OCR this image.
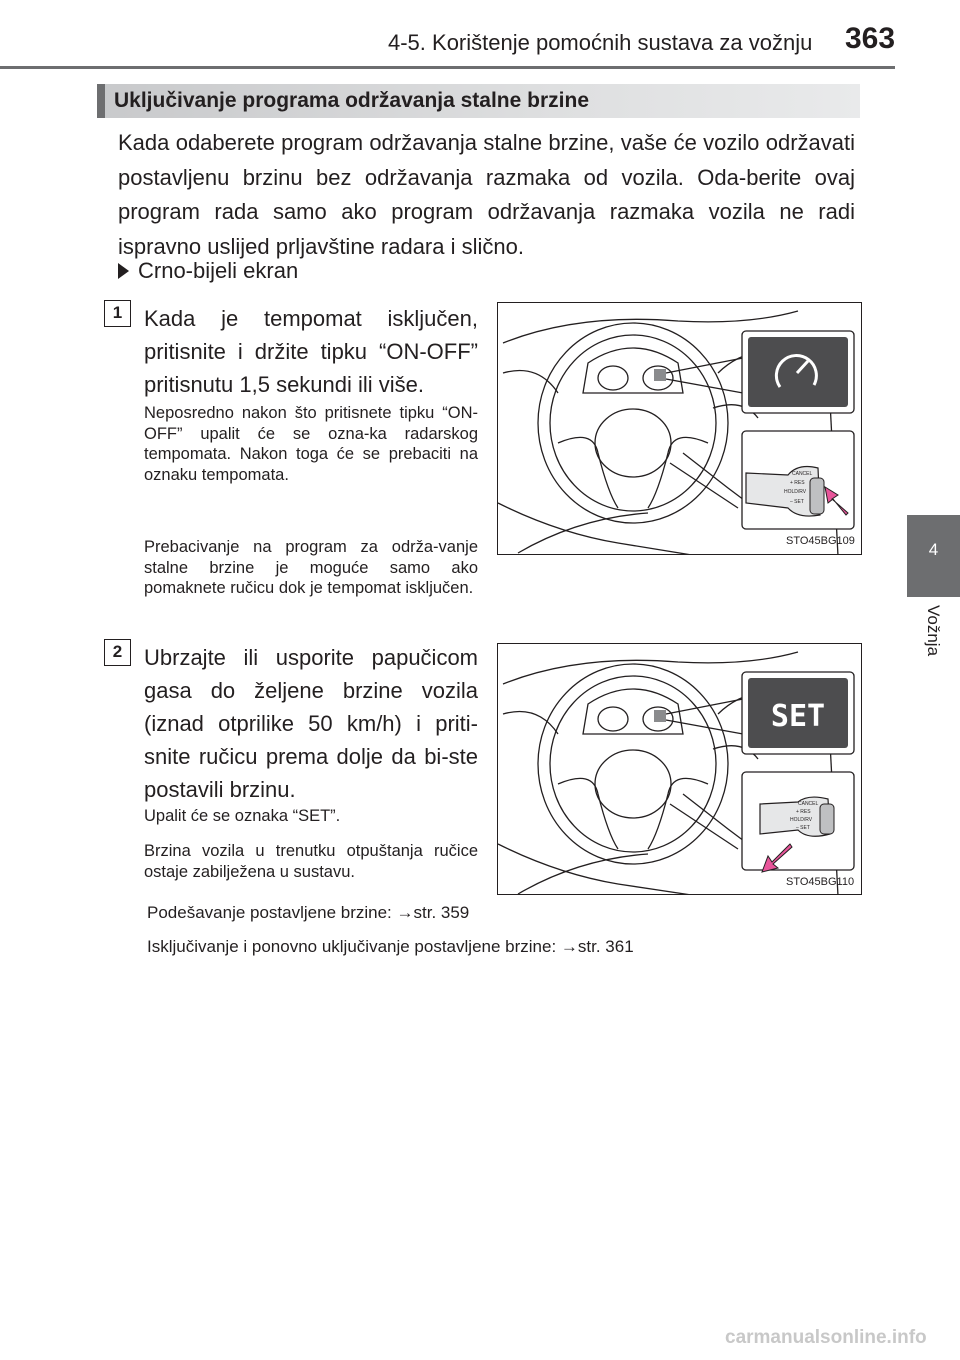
4-5. Korištenje pomoćnih sustava za vožnju 363
4
Vožnja
Uključivanje programa održavanja stalne brzine

Kada odaberete program održavanja stalne brzine, vaše će vozilo održavati postavljenu brzinu bez održavanja razmaka od vozila. Oda-berite ovaj program rada samo ako program održavanja razmaka vozila ne radi ispravno uslijed prljavštine radara i slično.

Crno-bijeli ekran
1 Kada je tempomat isključen, pritisnite i držite tipku “ON-OFF” pritisnutu 1,5 sekundi ili više.

Neposredno nakon što pritisnete tipku “ON-OFF” upalit će se ozna-ka radarskog tempomata. Nakon toga će se prebaciti na oznaku tempomata.

Prebacivanje na program za održa-vanje stalne brzine je moguće samo ako pomaknete ručicu dok je tempomat isključen.

CANCEL
+ RES
HOLD/RV
– SET
STO45BG109
2 Ubrzajte ili usporite papučicom gasa do željene brzine vozila (iznad otprilike 50 km/h) i priti-snite ručicu prema dolje da bi-ste postavili brzinu.

Upalit će se oznaka “SET”.

Brzina vozila u trenutku otpuštanja ručice ostaje zabilježena u sustavu.

SET
CANCEL
+ RES
HOLD/RV
– SET
STO45BG110
Podešavanje postavljene brzine: →str. 359
Isključivanje i ponovno uključivanje postavljene brzine: →str. 361
carmanualsonline.info
